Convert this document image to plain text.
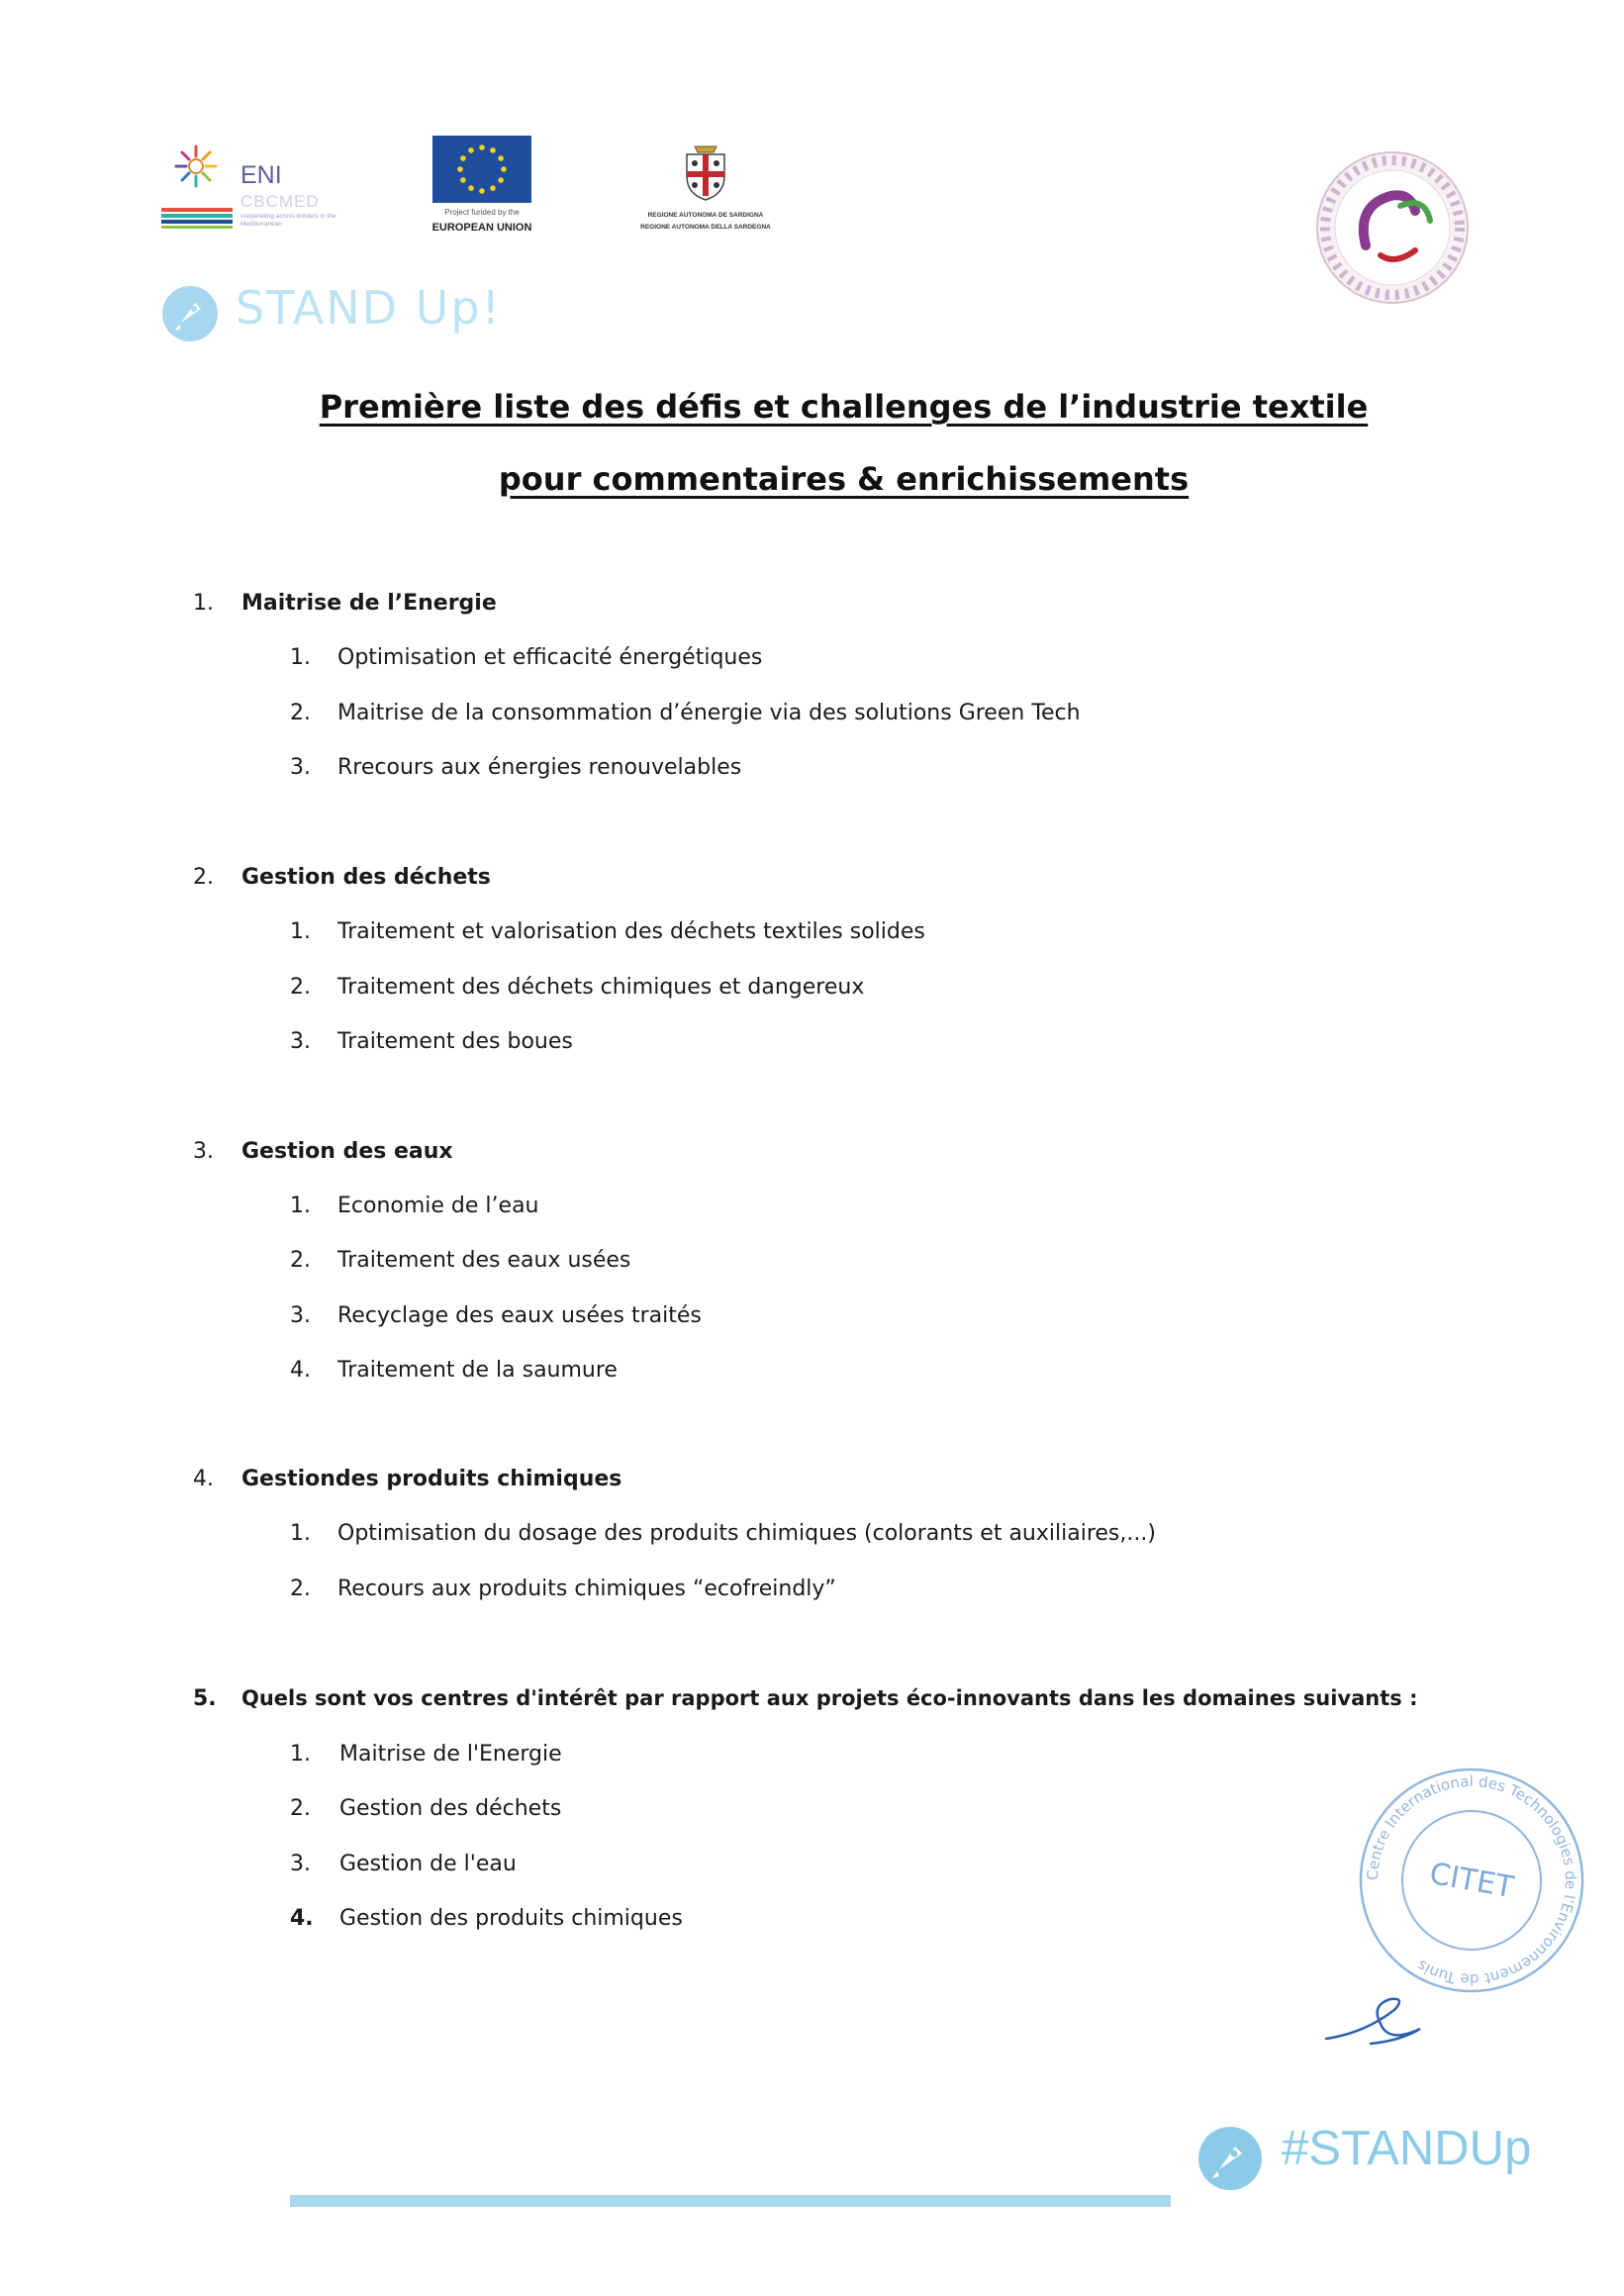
ENI
CBCMED
cooperating across borders in the Mediterranean
Project funded by the
EUROPEAN UNION
REGIONE AUTONOMA DE SARDIGNA
REGIONE AUTONOMA DELLA SARDEGNA
STAND Up!
Première liste des défis et challenges de l’industrie textile
pour commentaires & enrichissements
1. Maitrise de l’Energie
1. Optimisation et efficacité énergétiques
2. Maitrise de la consommation d’énergie via des solutions Green Tech
3. Rrecours aux énergies renouvelables
2. Gestion des déchets
1. Traitement et valorisation des déchets textiles solides
2. Traitement des déchets chimiques et dangereux
3. Traitement des boues
3. Gestion des eaux
1. Economie de l’eau
2. Traitement des eaux usées
3. Recyclage des eaux usées traités
4. Traitement de la saumure
4. Gestiondes produits chimiques
1. Optimisation du dosage des produits chimiques (colorants et auxiliaires,...)
2. Recours aux produits chimiques “ecofreindly”
5. Quels sont vos centres d'intérêt par rapport aux projets éco-innovants dans les domaines suivants :
1. Maitrise de l'Energie
2. Gestion des déchets
3. Gestion de l'eau
4. Gestion des produits chimiques
Centre International des Technologies de l'Environnement de Tunis
CITET
#STANDUp
